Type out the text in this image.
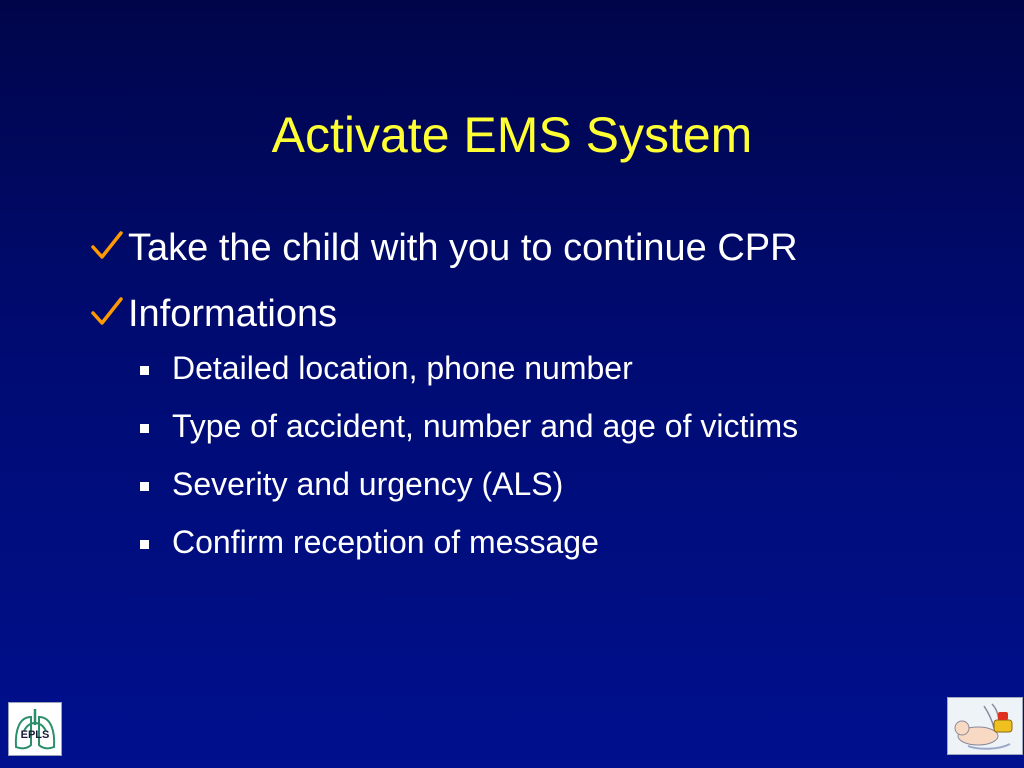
Activate EMS System
Take the child with you to continue CPR
Informations
Detailed location, phone number
Type of accident, number and age of victims
Severity and urgency (ALS)
Confirm reception of message
EPLS
